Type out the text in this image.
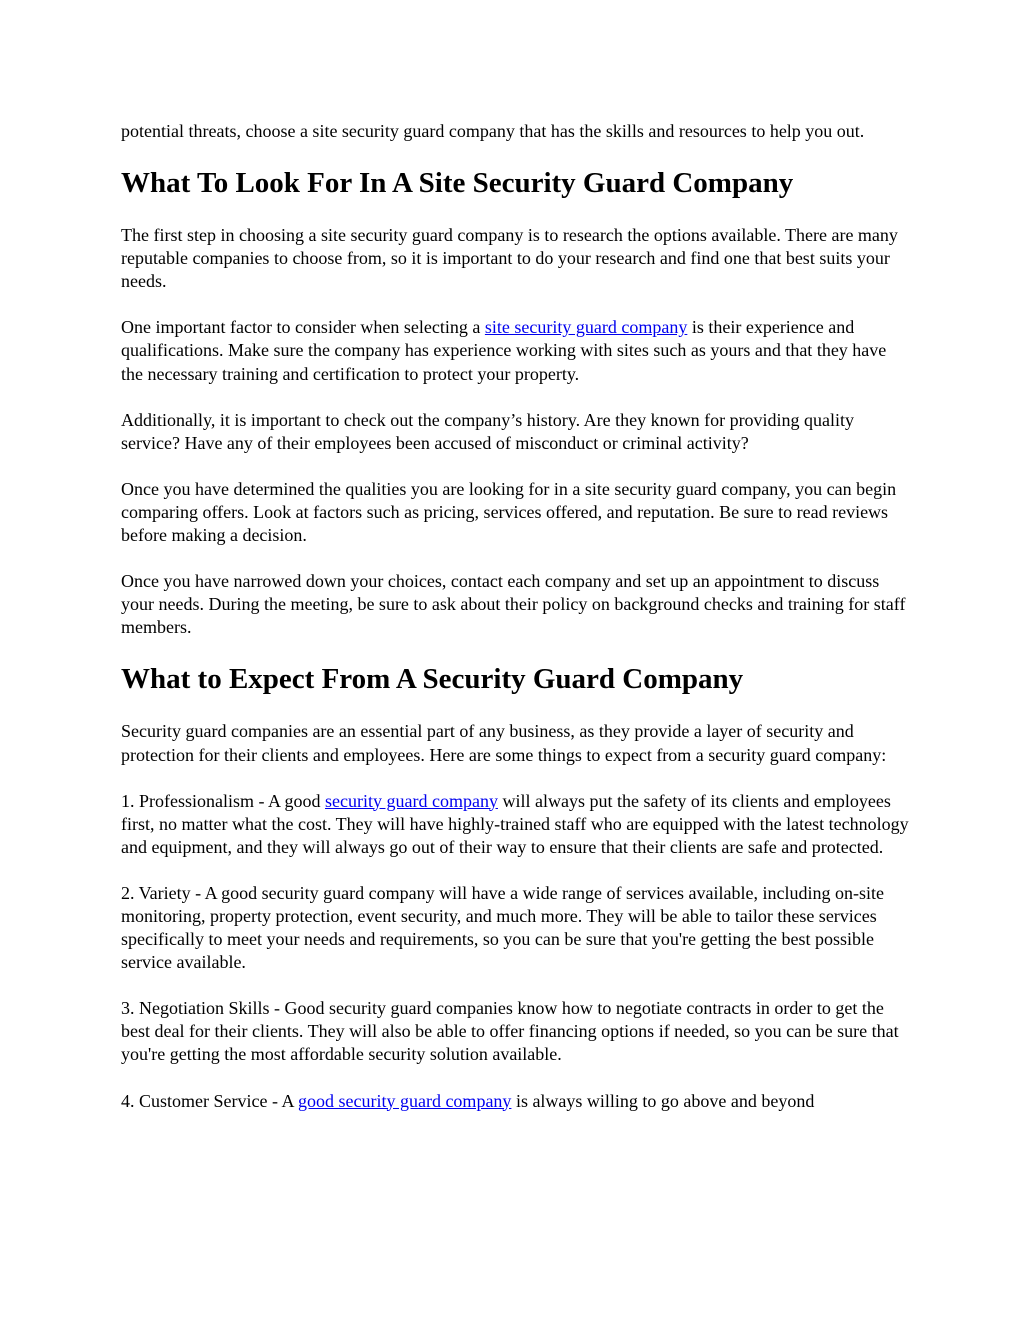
potential threats, choose a site security guard company that has the skills and resources to help you out.

What To Look For In A Site Security Guard Company

The first step in choosing a site security guard company is to research the options available. There are many reputable companies to choose from, so it is important to do your research and find one that best suits your needs.

One important factor to consider when selecting a site security guard company is their experience and qualifications. Make sure the company has experience working with sites such as yours and that they have the necessary training and certification to protect your property.

Additionally, it is important to check out the company’s history. Are they known for providing quality service? Have any of their employees been accused of misconduct or criminal activity?

Once you have determined the qualities you are looking for in a site security guard company, you can begin comparing offers. Look at factors such as pricing, services offered, and reputation. Be sure to read reviews before making a decision.

Once you have narrowed down your choices, contact each company and set up an appointment to discuss your needs. During the meeting, be sure to ask about their policy on background checks and training for staff members.

What to Expect From A Security Guard Company

Security guard companies are an essential part of any business, as they provide a layer of security and protection for their clients and employees. Here are some things to expect from a security guard company:

1. Professionalism - A good security guard company will always put the safety of its clients and employees first, no matter what the cost. They will have highly-trained staff who are equipped with the latest technology and equipment, and they will always go out of their way to ensure that their clients are safe and protected.

2. Variety - A good security guard company will have a wide range of services available, including on-site monitoring, property protection, event security, and much more. They will be able to tailor these services specifically to meet your needs and requirements, so you can be sure that you're getting the best possible service available.

3. Negotiation Skills - Good security guard companies know how to negotiate contracts in order to get the best deal for their clients. They will also be able to offer financing options if needed, so you can be sure that you're getting the most affordable security solution available.

4. Customer Service - A good security guard company is always willing to go above and beyond
